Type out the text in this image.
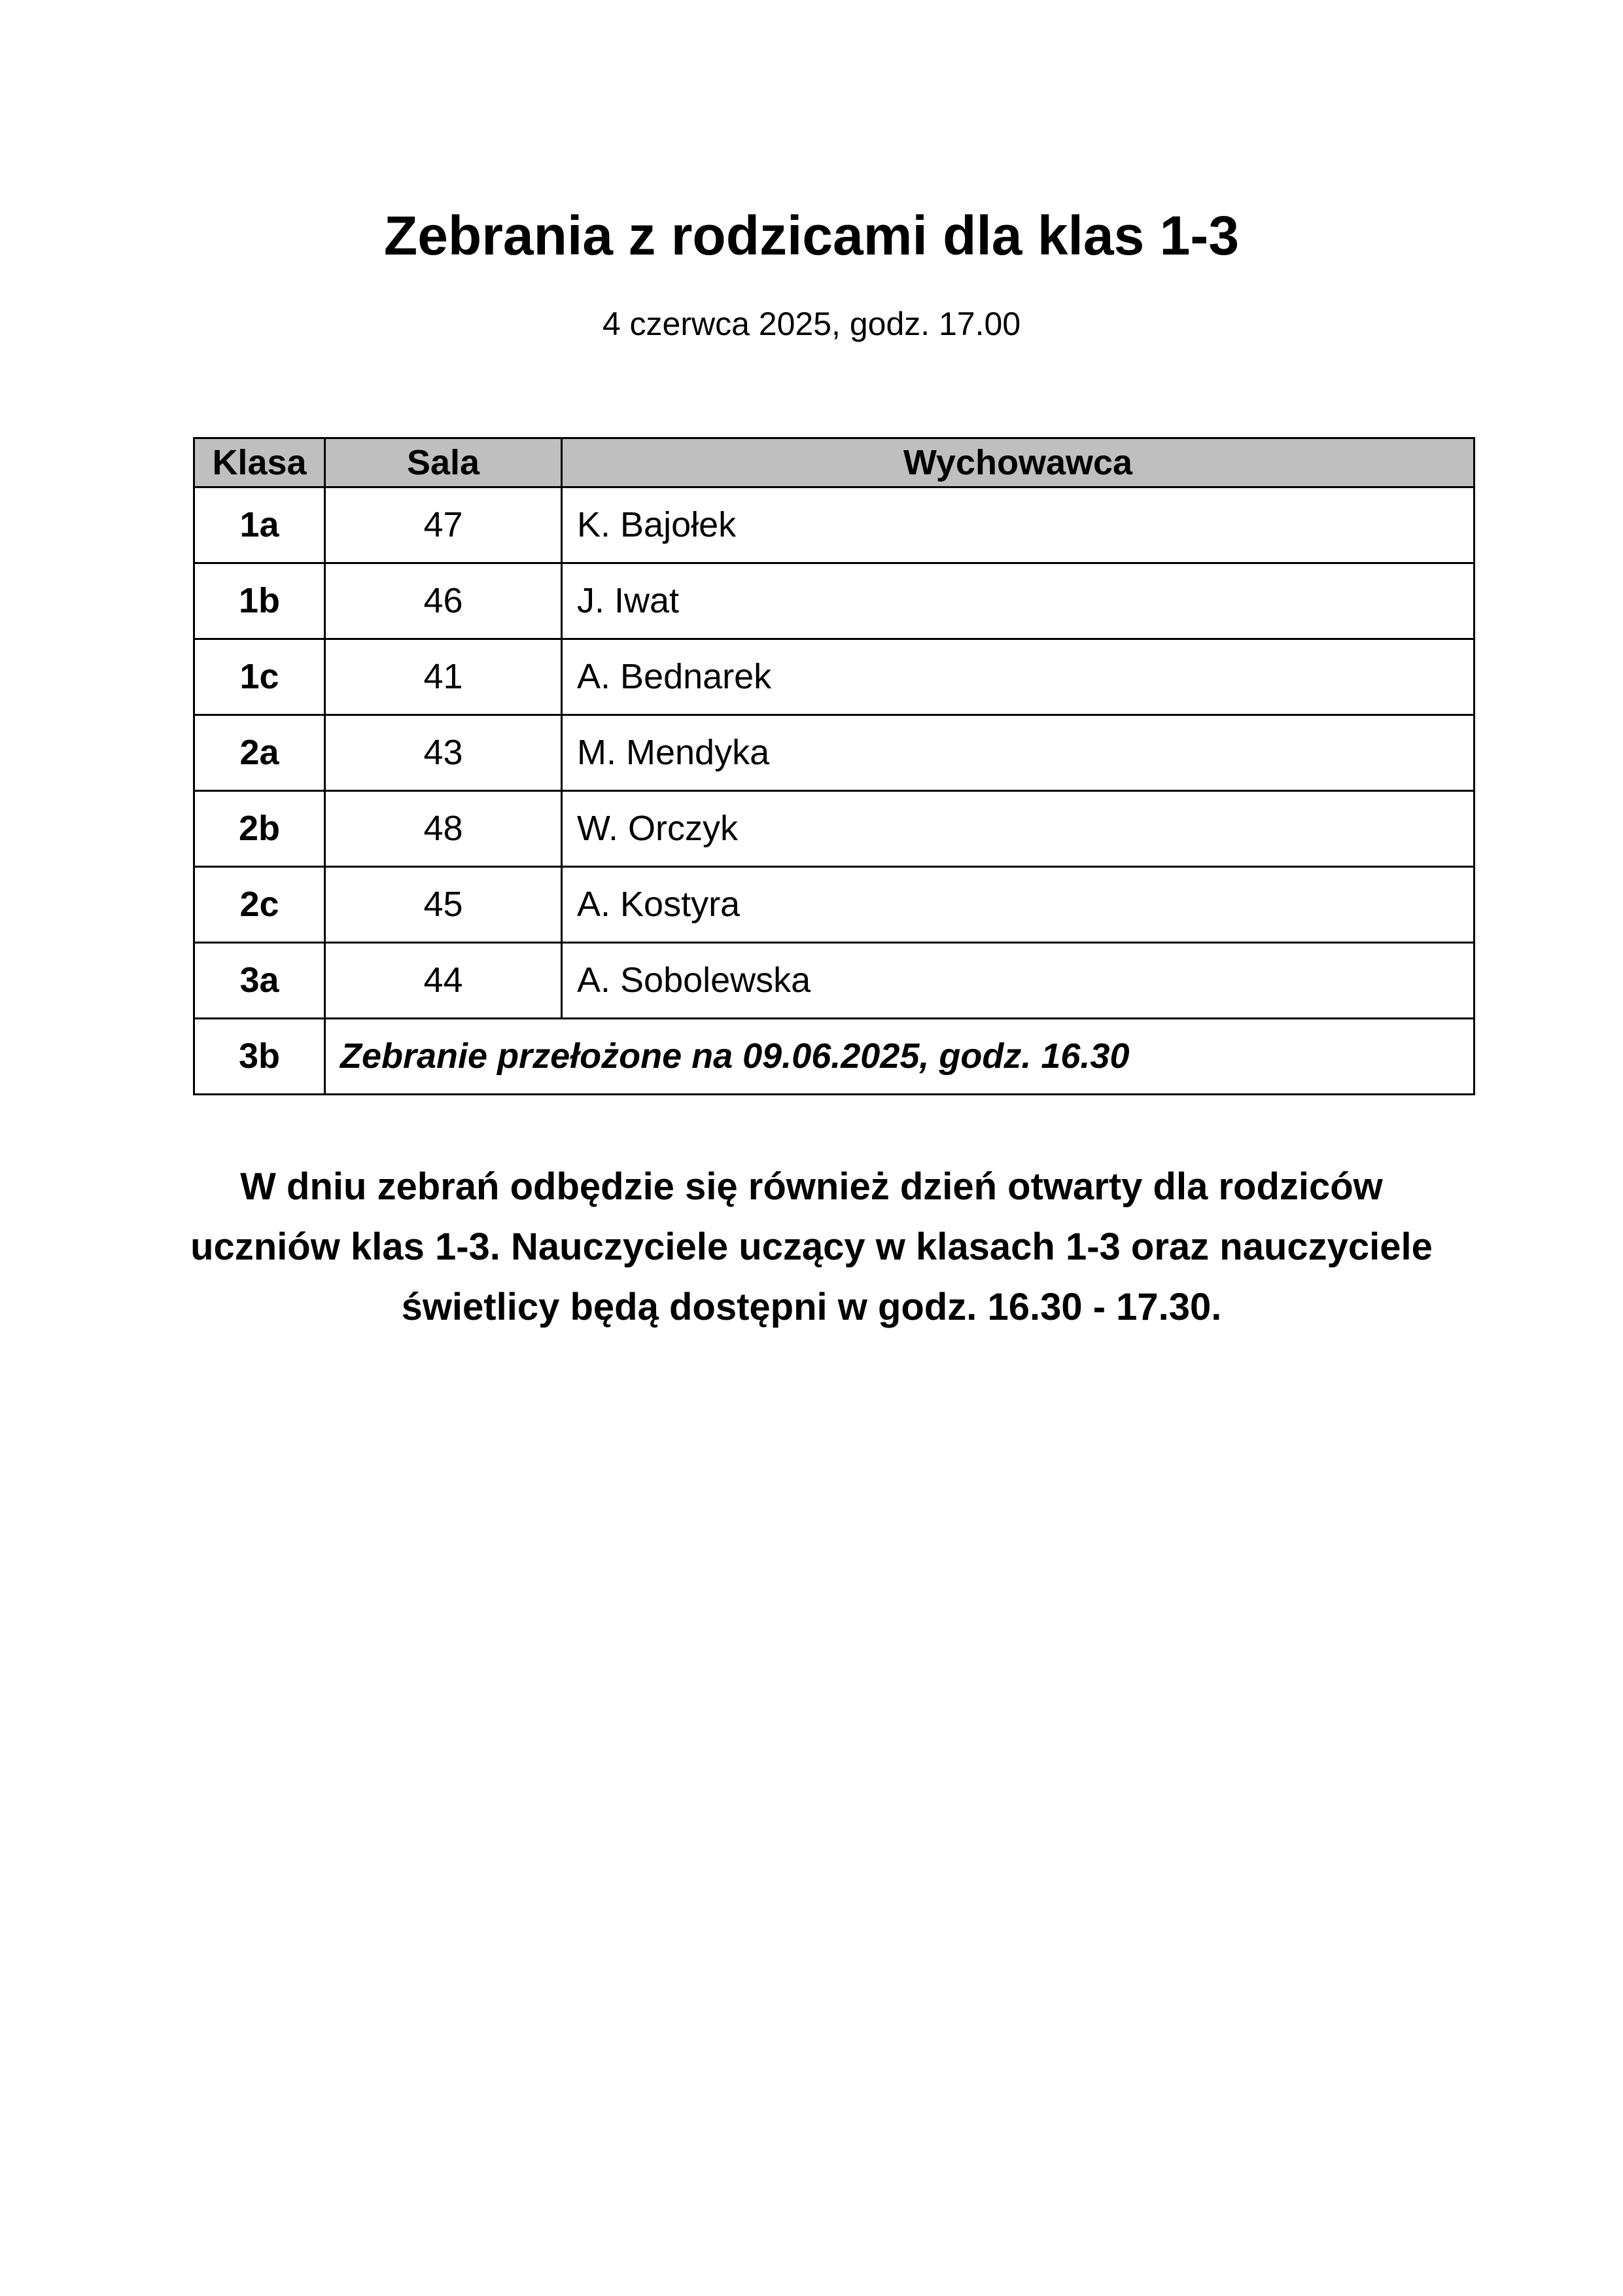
Zebrania z rodzicami dla klas 1-3

4 czerwca 2025, godz. 17.00

Klasa	Sala	Wychowawca
1a	47	K. Bajołek
1b	46	J. Iwat
1c	41	A. Bednarek
2a	43	M. Mendyka
2b	48	W. Orczyk
2c	45	A. Kostyra
3a	44	A. Sobolewska
3b	Zebranie przełożone na 09.06.2025, godz. 16.30	

W dniu zebrań odbędzie się również dzień otwarty dla rodziców
uczniów klas 1-3. Nauczyciele uczący w klasach 1-3 oraz nauczyciele
świetlicy będą dostępni w godz. 16.30 - 17.30.
